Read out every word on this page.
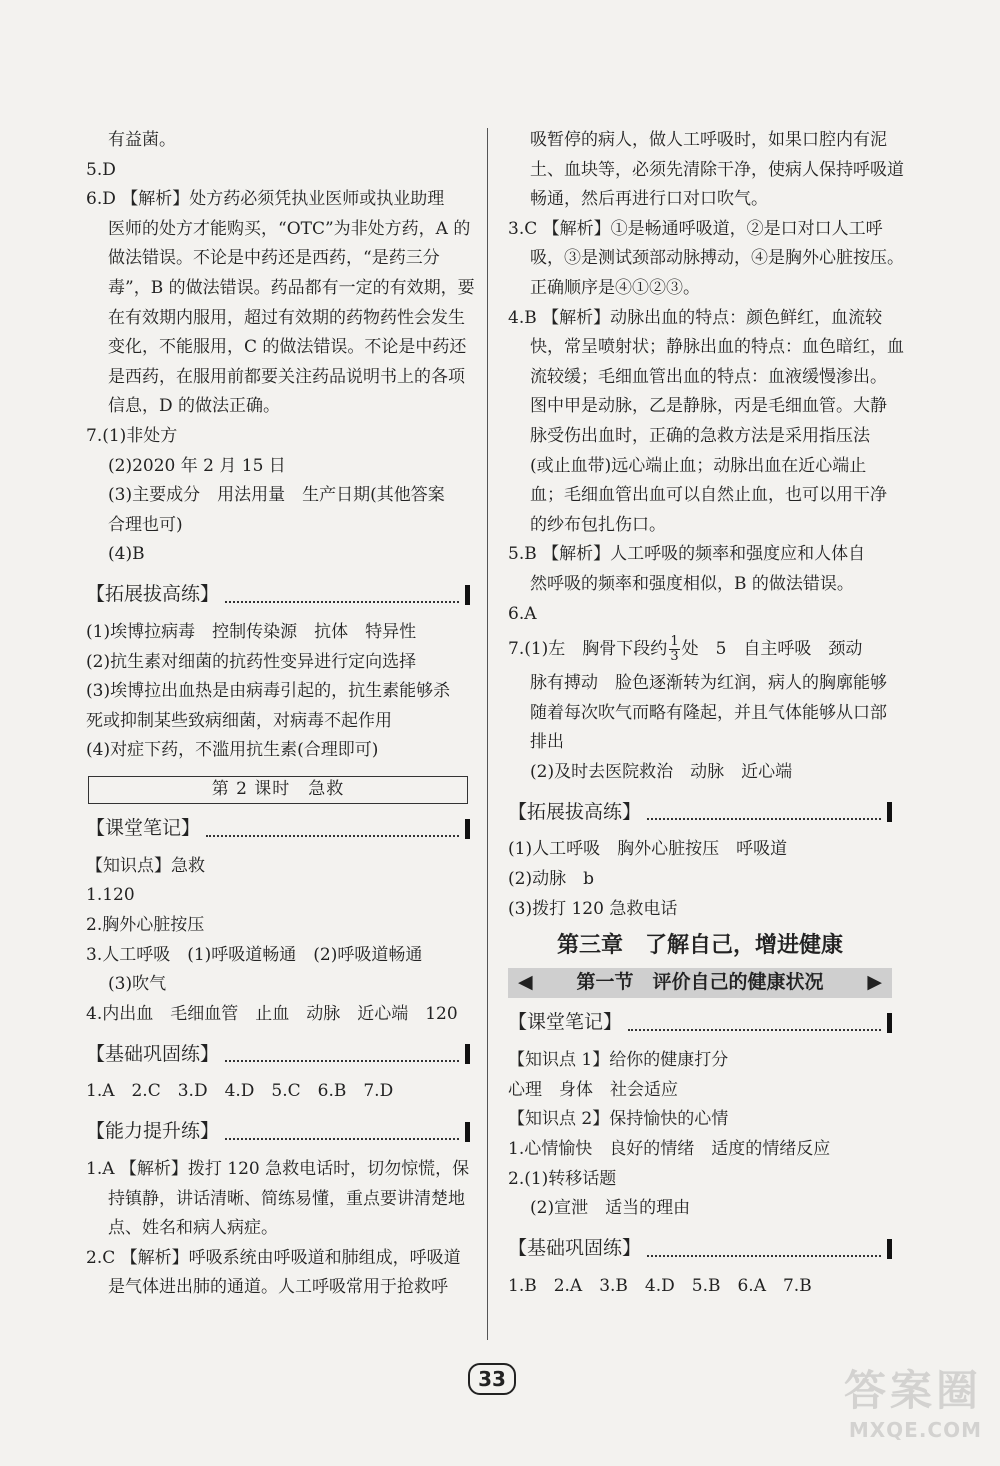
有益菌。
5.D
6.D 【解析】处方药必须凭执业医师或执业助理
医师的处方才能购买，“OTC”为非处方药，A 的
做法错误。不论是中药还是西药，“是药三分
毒”，B 的做法错误。药品都有一定的有效期，要
在有效期内服用，超过有效期的药物药性会发生
变化，不能服用，C 的做法错误。不论是中药还
是西药，在服用前都要关注药品说明书上的各项
信息，D 的做法正确。
7.(1)非处方
(2)2020 年 2 月 15 日
(3)主要成分　用法用量　生产日期(其他答案
合理也可)
(4)B
【拓展拔高练】
(1)埃博拉病毒　控制传染源　抗体　特异性
(2)抗生素对细菌的抗药性变异进行定向选择
(3)埃博拉出血热是由病毒引起的，抗生素能够杀
死或抑制某些致病细菌，对病毒不起作用
(4)对症下药，不滥用抗生素(合理即可)
第 2 课时　急救
【课堂笔记】
【知识点】急救
1.120
2.胸外心脏按压
3.人工呼吸　(1)呼吸道畅通　(2)呼吸道畅通
(3)吹气
4.内出血　毛细血管　止血　动脉　近心端　120
【基础巩固练】
1.A　2.C　3.D　4.D　5.C　6.B　7.D
【能力提升练】
1.A 【解析】拨打 120 急救电话时，切勿惊慌，保
持镇静，讲话清晰、简练易懂，重点要讲清楚地
点、姓名和病人病症。
2.C 【解析】呼吸系统由呼吸道和肺组成，呼吸道
是气体进出肺的通道。人工呼吸常用于抢救呼
吸暂停的病人，做人工呼吸时，如果口腔内有泥
土、血块等，必须先清除干净，使病人保持呼吸道
畅通，然后再进行口对口吹气。
3.C 【解析】①是畅通呼吸道，②是口对口人工呼
吸，③是测试颈部动脉搏动，④是胸外心脏按压。
正确顺序是④①②③。
4.B 【解析】动脉出血的特点：颜色鲜红，血流较
快，常呈喷射状；静脉出血的特点：血色暗红，血
流较缓；毛细血管出血的特点：血液缓慢渗出。
图中甲是动脉，乙是静脉，丙是毛细血管。大静
脉受伤出血时，正确的急救方法是采用指压法
(或止血带)远心端止血；动脉出血在近心端止
血；毛细血管出血可以自然止血，也可以用干净
的纱布包扎伤口。
5.B 【解析】人工呼吸的频率和强度应和人体自
然呼吸的频率和强度相似，B 的做法错误。
6.A
7.(1)左　胸骨下段约 $\frac{1}{3}$ 处　5　自主呼吸　颈动
脉有搏动　脸色逐渐转为红润，病人的胸廓能够
随着每次吹气而略有隆起，并且气体能够从口部
排出
(2)及时去医院救治　动脉　近心端
【拓展拔高练】
(1)人工呼吸　胸外心脏按压　呼吸道
(2)动脉　b
(3)拨打 120 急救电话
第三章　了解自己，增进健康
◀ 第一节　评价自己的健康状况 ▶
【课堂笔记】
【知识点 1】给你的健康打分
心理　身体　社会适应
【知识点 2】保持愉快的心情
1.心情愉快　良好的情绪　适度的情绪反应
2.(1)转移话题
(2)宣泄　适当的理由
【基础巩固练】
1.B　2.A　3.B　4.D　5.B　6.A　7.B
33	答案圈
MXQE.COM
